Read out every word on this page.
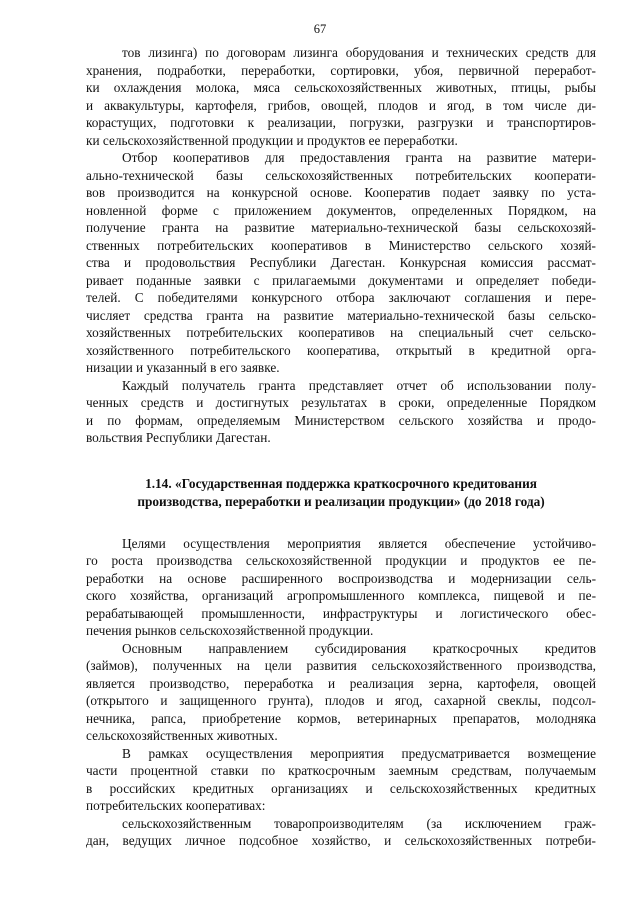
67
тов лизинга) по договорам лизинга оборудования и технических средств для
хранения, подработки, переработки, сортировки, убоя, первичной переработ-
ки охлаждения молока, мяса сельскохозяйственных животных, птицы, рыбы
и аквакультуры, картофеля, грибов, овощей, плодов и ягод, в том числе ди-
корастущих, подготовки к реализации, погрузки, разгрузки и транспортиров-
ки сельскохозяйственной продукции и продуктов ее переработки.
Отбор кооперативов для предоставления гранта на развитие матери-
ально-технической базы сельскохозяйственных потребительских кооперати-
вов производится на конкурсной основе. Кооператив подает заявку по уста-
новленной форме с приложением документов, определенных Порядком, на
получение гранта на развитие материально-технической базы сельскохозяй-
ственных потребительских кооперативов в Министерство сельского хозяй-
ства и продовольствия Республики Дагестан. Конкурсная комиссия рассмат-
ривает поданные заявки с прилагаемыми документами и определяет победи-
телей. С победителями конкурсного отбора заключают соглашения и пере-
числяет средства гранта на развитие материально-технической базы сельско-
хозяйственных потребительских кооперативов на специальный счет сельско-
хозяйственного потребительского кооператива, открытый в кредитной орга-
низации и указанный в его заявке.
Каждый получатель гранта представляет отчет об использовании полу-
ченных средств и достигнутых результатах в сроки, определенные Порядком
и по формам, определяемым Министерством сельского хозяйства и продо-
вольствия Республики Дагестан.
1.14. «Государственная поддержка краткосрочного кредитования
производства, переработки и реализации продукции» (до 2018 года)
Целями осуществления мероприятия является обеспечение устойчиво-
го роста производства сельскохозяйственной продукции и продуктов ее пе-
реработки на основе расширенного воспроизводства и модернизации сель-
ского хозяйства, организаций агропромышленного комплекса, пищевой и пе-
рерабатывающей промышленности, инфраструктуры и логистического обес-
печения рынков сельскохозяйственной продукции.
Основным направлением субсидирования краткосрочных кредитов
(займов), полученных на цели развития сельскохозяйственного производства,
является производство, переработка и реализация зерна, картофеля, овощей
(открытого и защищенного грунта), плодов и ягод, сахарной свеклы, подсол-
нечника, рапса, приобретение кормов, ветеринарных препаратов, молодняка
сельскохозяйственных животных.
В рамках осуществления мероприятия предусматривается возмещение
части процентной ставки по краткосрочным заемным средствам, получаемым
в российских кредитных организациях и сельскохозяйственных кредитных
потребительских кооперативах:
сельскохозяйственным товаропроизводителям (за исключением граж-
дан, ведущих личное подсобное хозяйство, и сельскохозяйственных потреби-
